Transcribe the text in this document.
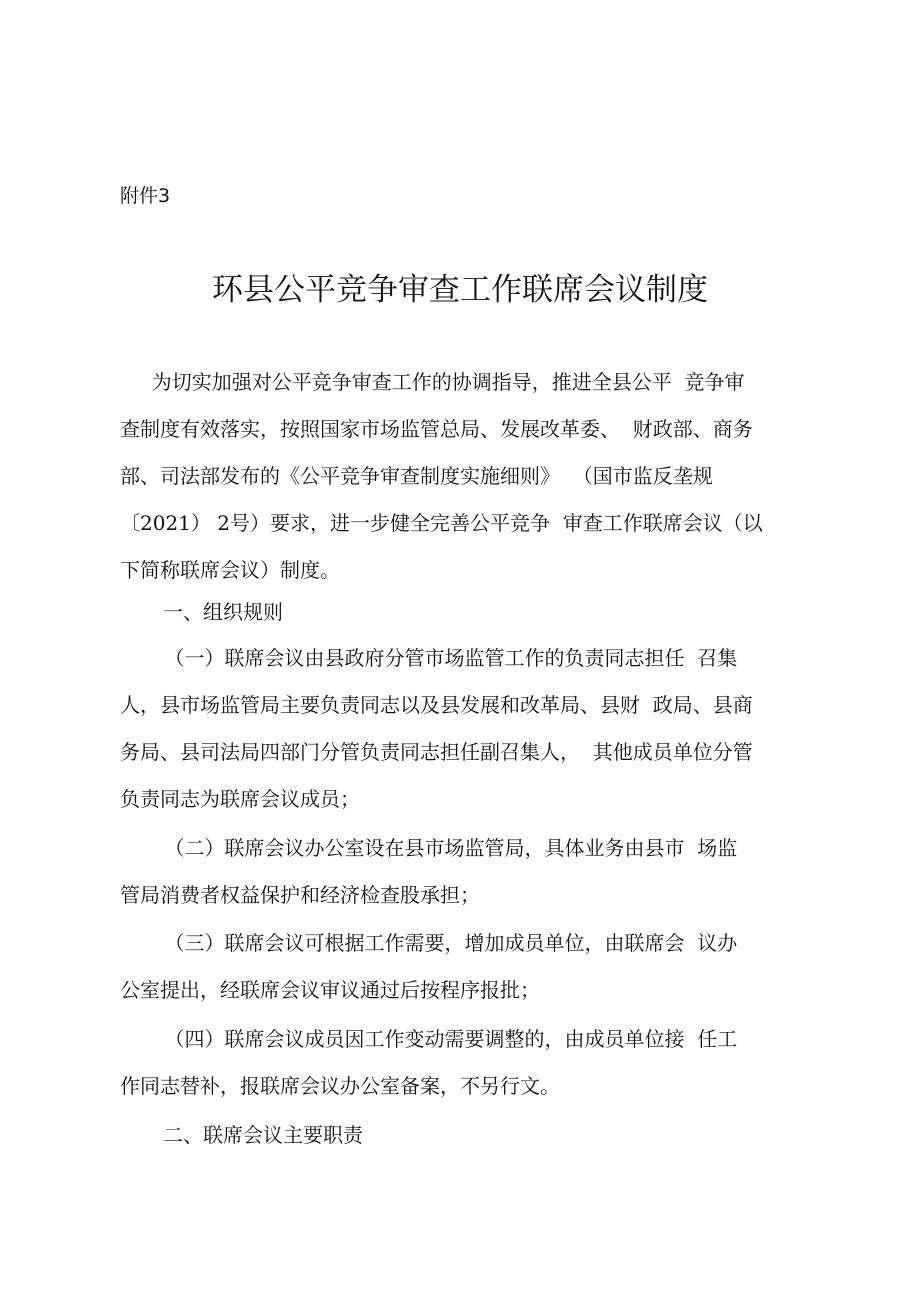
附件3
环县公平竞争审查工作联席会议制度
为切实加强对公平竞争审查工作的协调指导，推进全县公平  竞争审
查制度有效落实，按照国家市场监管总局、发展改革委、  财政部、商务
部、司法部发布的《公平竞争审查制度实施细则》  （国市监反垄规
〔2021） 2号）要求，进一步健全完善公平竞争  审查工作联席会议（以
下简称联席会议）制度。
一、组织规则
（一）联席会议由县政府分管市场监管工作的负责同志担任  召集
人，县市场监管局主要负责同志以及县发展和改革局、县财  政局、县商
务局、县司法局四部门分管负责同志担任副召集人，  其他成员单位分管
负责同志为联席会议成员；
（二）联席会议办公室设在县市场监管局，具体业务由县市  场监
管局消费者权益保护和经济检查股承担；
（三）联席会议可根据工作需要，增加成员单位，由联席会  议办
公室提出，经联席会议审议通过后按程序报批；
（四）联席会议成员因工作变动需要调整的，由成员单位接  任工
作同志替补，报联席会议办公室备案，不另行文。
二、联席会议主要职责
